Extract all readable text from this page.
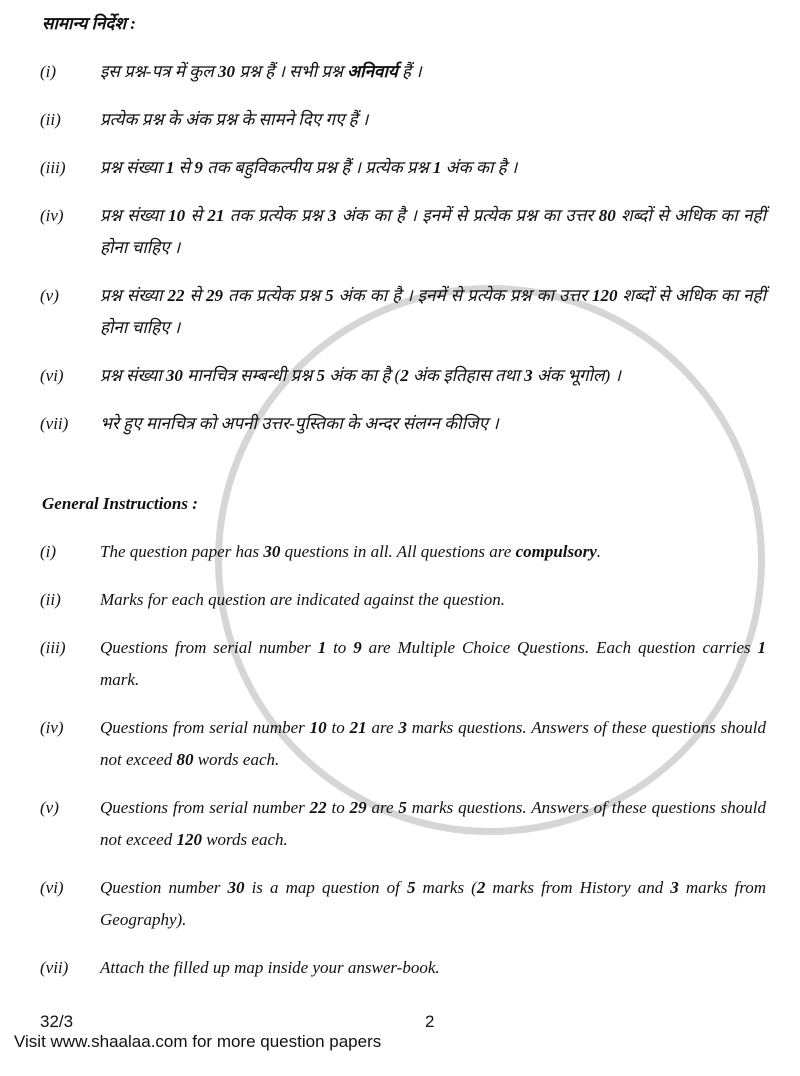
सामान्य निर्देश :
(i)	इस प्रश्न-पत्र में कुल 30 प्रश्न हैं । सभी प्रश्न अनिवार्य हैं ।
(ii) प्रत्येक प्रश्न के अंक प्रश्न के सामने दिए गए हैं ।
(iii) प्रश्न संख्या 1 से 9 तक बहुविकल्पीय प्रश्न हैं । प्रत्येक प्रश्न 1 अंक का है ।
(iv) प्रश्न संख्या 10 से 21 तक प्रत्येक प्रश्न 3 अंक का है । इनमें से प्रत्येक प्रश्न का उत्तर 80 शब्दों से अधिक का नहीं होना चाहिए ।
(v) प्रश्न संख्या 22 से 29 तक प्रत्येक प्रश्न 5 अंक का है । इनमें से प्रत्येक प्रश्न का उत्तर 120 शब्दों से अधिक का नहीं होना चाहिए ।
(vi) प्रश्न संख्या 30 मानचित्र सम्बन्धी प्रश्न 5 अंक का है (2 अंक इतिहास तथा 3 अंक भूगोल) ।
(vii) भरे हुए मानचित्र को अपनी उत्तर-पुस्तिका के अन्दर संलग्न कीजिए ।
General Instructions :
(i)	The question paper has 30 questions in all. All questions are compulsory.
(ii) Marks for each question are indicated against the question.
(iii) Questions from serial number 1 to 9 are Multiple Choice Questions. Each question carries 1 mark.
(iv) Questions from serial number 10 to 21 are 3 marks questions. Answers of these questions should not exceed 80 words each.
(v) Questions from serial number 22 to 29 are 5 marks questions. Answers of these questions should not exceed 120 words each.
(vi) Question number 30 is a map question of 5 marks (2 marks from History and 3 marks from Geography).
(vii) Attach the filled up map inside your answer-book.
32/3	2
Visit www.shaalaa.com for more question papers
